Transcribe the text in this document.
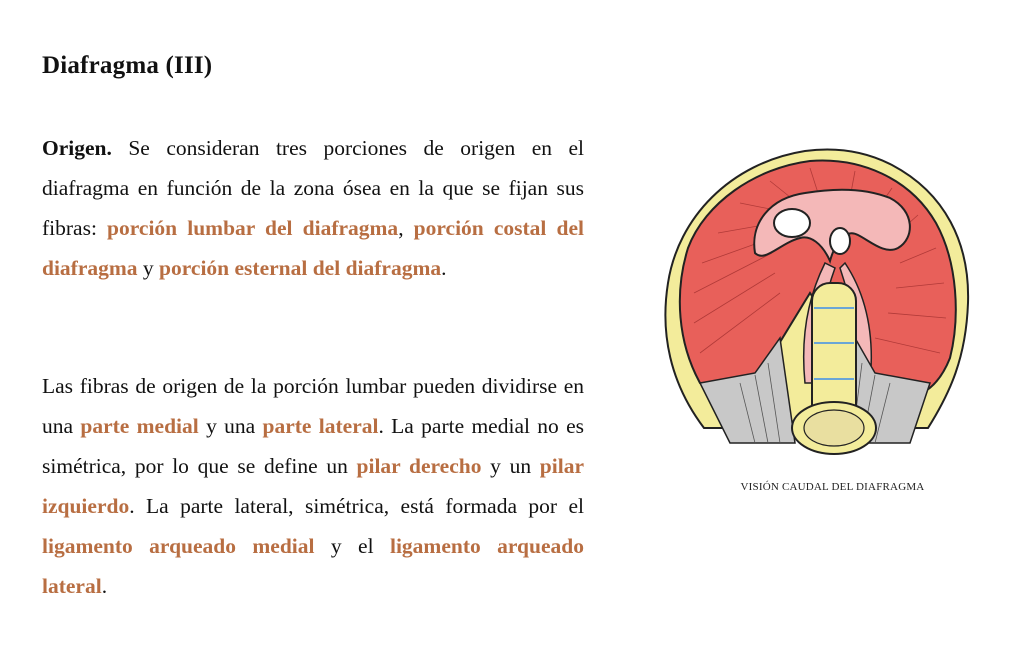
Diafragma (III)
Origen. Se consideran tres porciones de origen en el diafragma en función de la zona ósea en la que se fijan sus fibras: porción lumbar del diafragma, porción costal del diafragma y porción esternal del diafragma.
Las fibras de origen de la porción lumbar pueden dividirse en una parte medial y una parte lateral. La parte medial no es simétrica, por lo que se define un pilar derecho y un pilar izquierdo. La parte lateral, simétrica, está formada por el ligamento arqueado medial y el ligamento arqueado lateral.
VISIÓN CAUDAL DEL DIAFRAGMA
